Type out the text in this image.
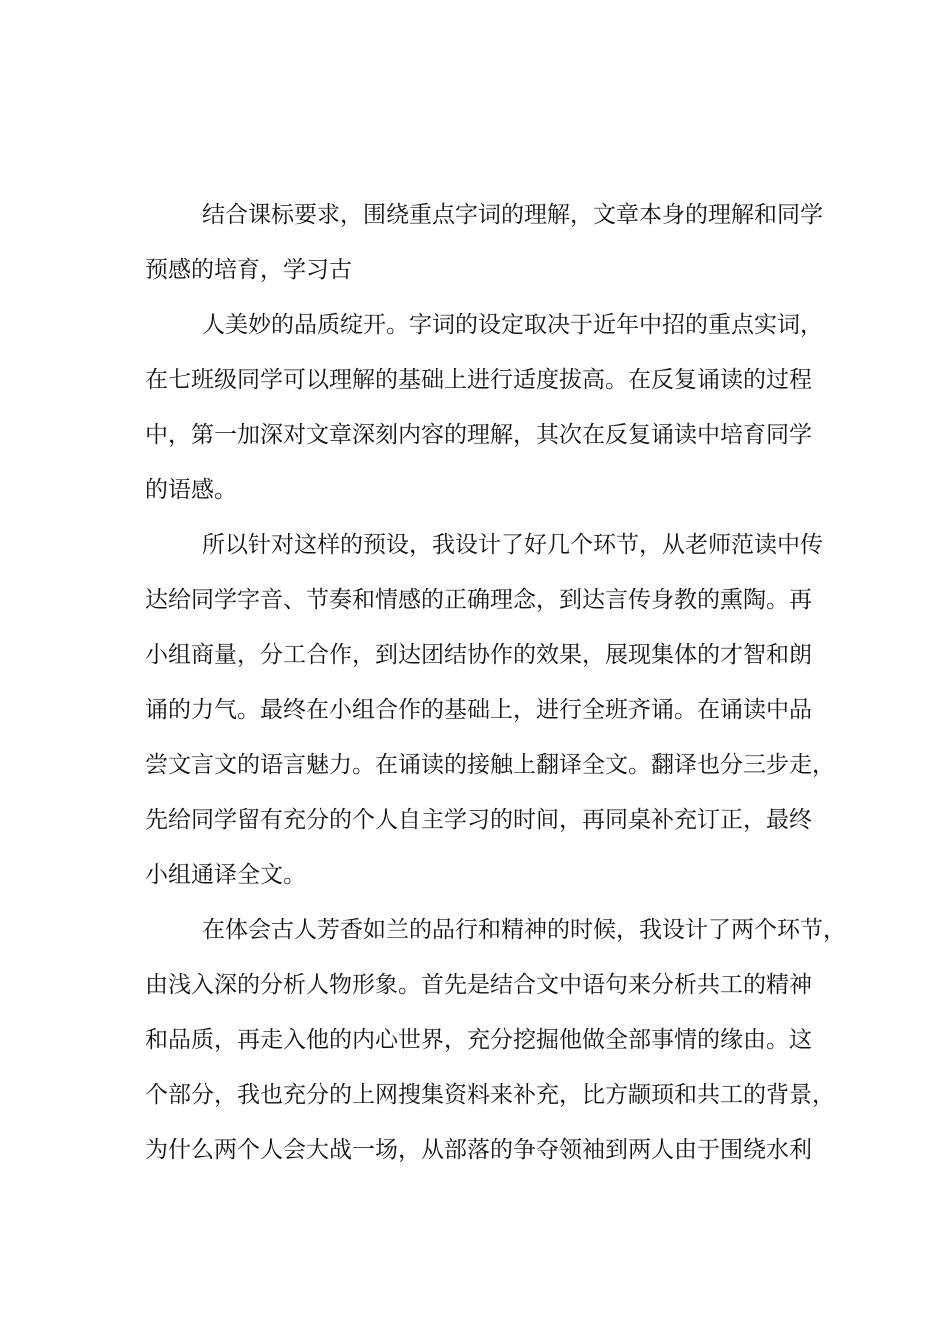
结合课标要求，围绕重点字词的理解，文章本身的理解和同学
预感的培育，学习古
人美妙的品质绽开。字词的设定取决于近年中招的重点实词，
在七班级同学可以理解的基础上进行适度拔高。在反复诵读的过程
中，第一加深对文章深刻内容的理解，其次在反复诵读中培育同学
的语感。
所以针对这样的预设，我设计了好几个环节，从老师范读中传
达给同学字音、节奏和情感的正确理念，到达言传身教的熏陶。再
小组商量，分工合作，到达团结协作的效果，展现集体的才智和朗
诵的力气。最终在小组合作的基础上，进行全班齐诵。在诵读中品
尝文言文的语言魅力。在诵读的接触上翻译全文。翻译也分三步走，
先给同学留有充分的个人自主学习的时间，再同桌补充订正，最终
小组通译全文。
在体会古人芳香如兰的品行和精神的时候，我设计了两个环节，
由浅入深的分析人物形象。首先是结合文中语句来分析共工的精神
和品质，再走入他的内心世界，充分挖掘他做全部事情的缘由。这
个部分，我也充分的上网搜集资料来补充，比方颛顼和共工的背景，
为什么两个人会大战一场，从部落的争夺领袖到两人由于围绕水利
